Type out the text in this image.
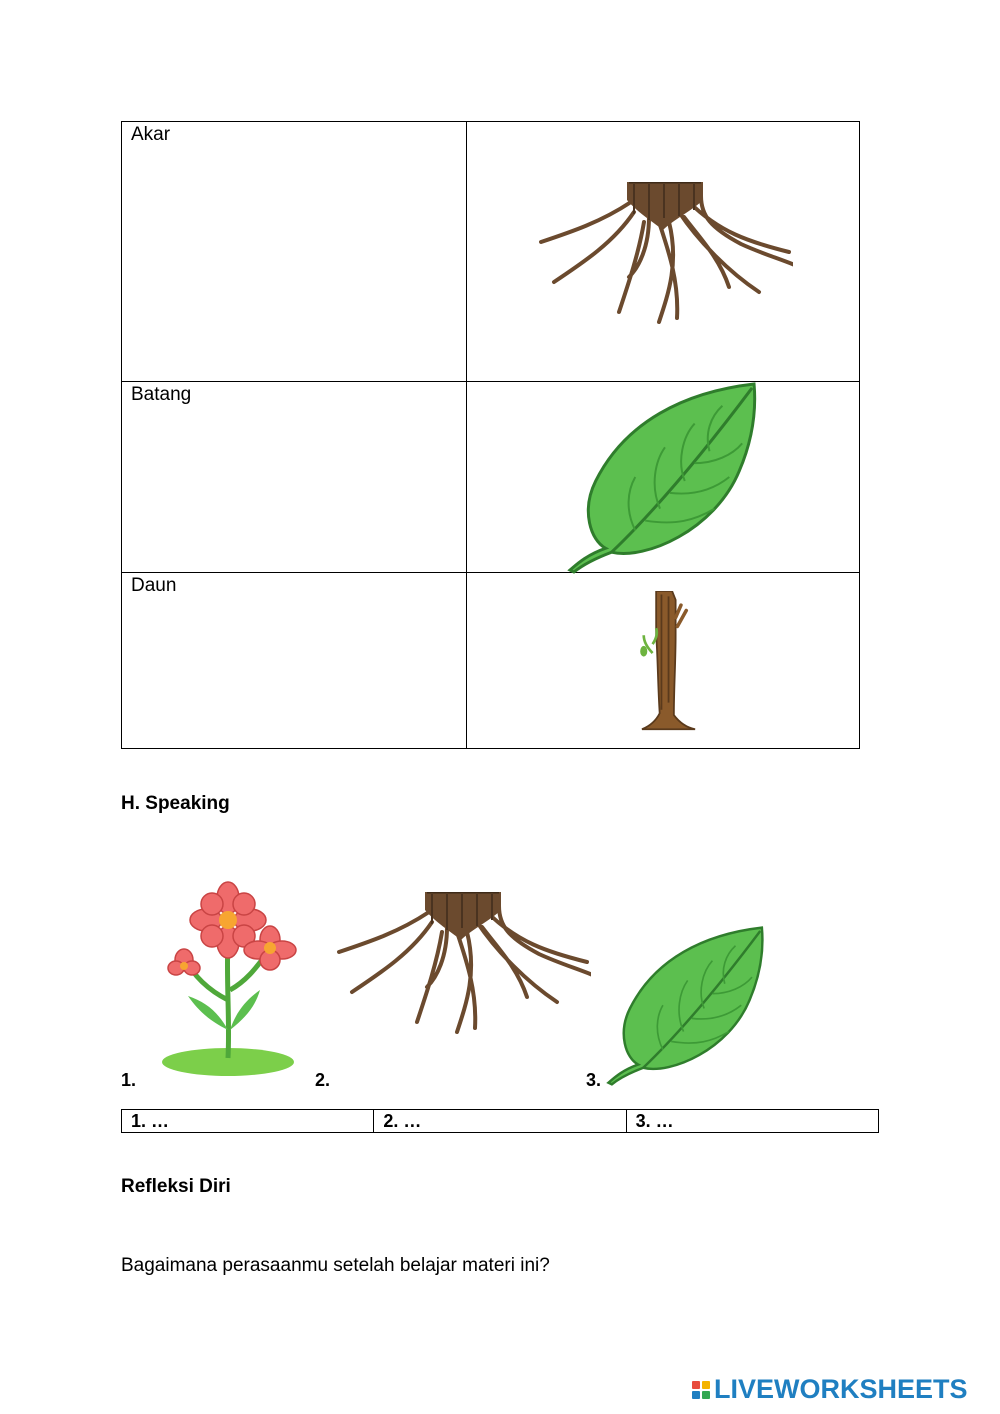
Akar

Batang

Daun

H. Speaking
1.	2.	3.
1. …	2. …	3. …
Refleksi Diri

Bagaimana perasaanmu setelah belajar materi ini?

LIVEWORKSHEETS
